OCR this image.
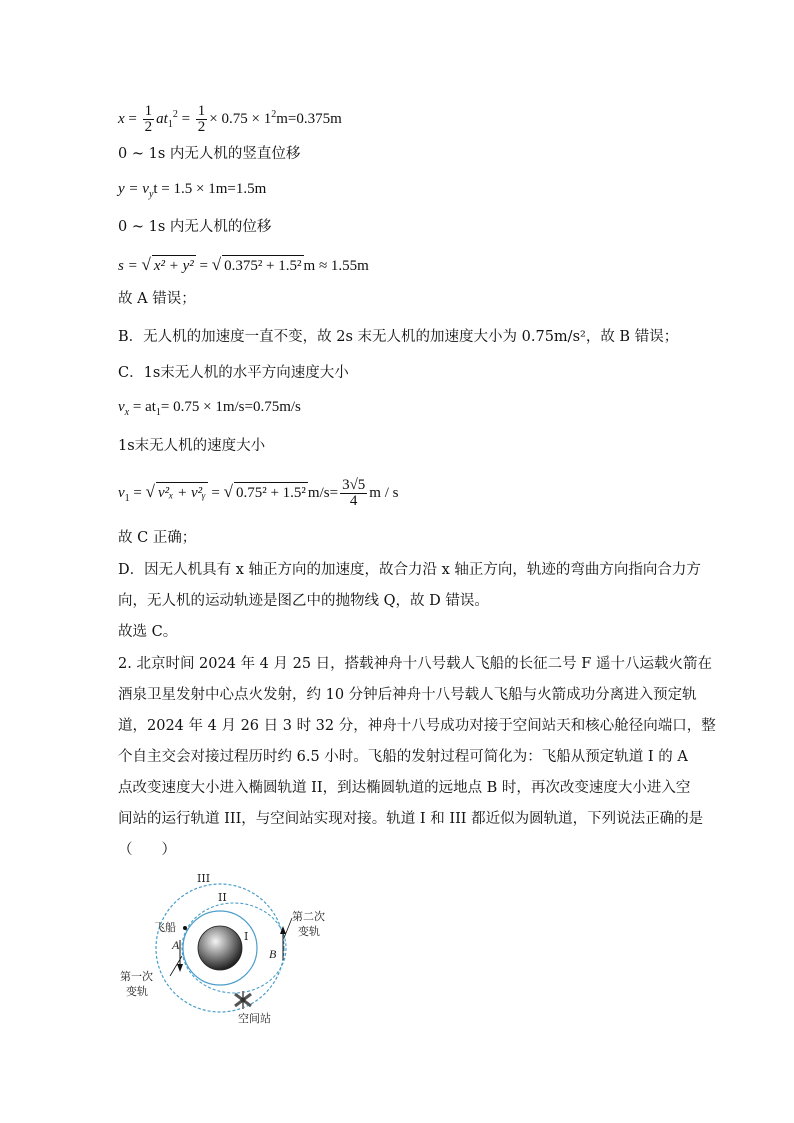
$x = \frac{1}{2} at_1^2 = \frac{1}{2} \times 0.75 \times 1^2m=0.375m$
0 ~ 1s 内无人机的竖直位移
$y = v_yt = 1.5 \times 1m=1.5m$
0 ~ 1s 内无人机的位移
s = √ x² + y² = √ 0.375² + 1.5² m ≈ 1.55m
故 A 错误；
B．无人机的加速度一直不变，故 2s 末无人机的加速度大小为 0.75m/s²，故 B 错误；
C．1s末无人机的水平方向速度大小
$v_x = at_1= 0.75 \times 1m/s=0.75m/s$
1s末无人机的速度大小
$v_1$ = √ v²ₓ + v²ᵧ = √ 0.75² + 1.5² $m/s= \frac{3√5}{4}$ m / s
故 C 正确；
D．因无人机具有 x 轴正方向的加速度，故合力沿 x 轴正方向，轨迹的弯曲方向指向合力方
向，无人机的运动轨迹是图乙中的抛物线 Q，故 D 错误。
故选 C。
2. 北京时间 2024 年 4 月 25 日，搭载神舟十八号载人飞船的长征二号 F 遥十八运载火箭在
酒泉卫星发射中心点火发射，约 10 分钟后神舟十八号载人飞船与火箭成功分离进入预定轨
道，2024 年 4 月 26 日 3 时 32 分，神舟十八号成功对接于空间站天和核心舱径向端口，整
个自主交会对接过程历时约 6.5 小时。飞船的发射过程可简化为：飞船从预定轨道 I 的 A
点改变速度大小进入椭圆轨道 II，到达椭圆轨道的远地点 B 时，再次改变速度大小进入空
间站的运行轨道 III，与空间站实现对接。轨道 I 和 III 都近似为圆轨道，下列说法正确的是
（　　）
III
II
I
飞船
A
B
第二次
变轨
第一次
变轨
空间站
